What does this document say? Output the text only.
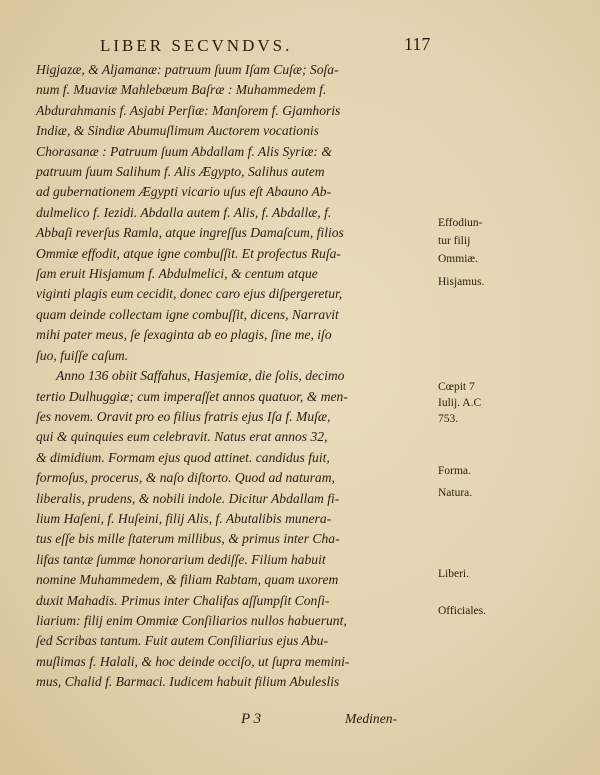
LIBER SECVNDVS.	117
Higjazæ, & Aljamanæ: patruum ſuum Iſam Cuſæ; Soſa-
num f. Muaviæ Mahlebæum Baſræ : Muhammedem f.
Abdurahmanis f. Asjabi Perſiæ: Manſorem f. Gjamhoris
Indiæ, & Sindiæ Abumuſlimum Auctorem vocationis
Chorasanæ : Patruum ſuum Abdallam f. Alis Syriæ: &
patruum ſuum Salihum f. Alis Ægypto, Salihus autem
ad gubernationem Ægypti vicario uſus eſt Abauno Ab-
dulmelico f. Iezidi. Abdalla autem f. Alis, f. Abdallæ, f.
Abbaſi reverſus Ramla, atque ingreſſus Damaſcum, filios
Ommiæ effodit, atque igne combuſſit. Et profectus Ruſa-
ſam eruit Hisjamum f. Abdulmelici, & centum atque
viginti plagis eum cecidit, donec caro ejus diſpergeretur,
quam deinde collectam igne combuſſit, dicens, Narravit
mihi pater meus, ſe ſexaginta ab eo plagis, ſine me, iſo
ſuo, fuiſſe caſum.
Anno 136 obiit Saffahus, Hasjemiæ, die ſolis, decimo
tertio Dulhuggiæ; cum imperaſſet annos quatuor, & men-
ſes novem. Oravit pro eo filius fratris ejus Iſa f. Muſæ,
qui & quinquies eum celebravit. Natus erat annos 32,
& dimidium. Formam ejus quod attinet. candidus fuit,
formoſus, procerus, & naſo diſtorto. Quod ad naturam,
liberalis, prudens, & nobili indole. Dicitur Abdallam fi-
lium Haſeni, f. Huſeini, filij Alis, f. Abutalibis munera-
tus eſſe bis mille ſtaterum millibus, & primus inter Cha-
lifas tantæ ſummæ honorarium dediſſe. Filium habuit
nomine Muhammedem, & filiam Rabtam, quam uxorem
duxit Mahadis. Primus inter Chalifas aſſumpſit Conſi-
liarium: filij enim Ommiæ Conſiliarios nullos habuerunt,
ſed Scribas tantum. Fuit autem Conſiliarius ejus Abu-
muſlimas f. Halali, & hoc deinde occiſo, ut ſupra memini-
mus, Chalid f. Barmaci. Iudicem habuit filium Abuleslis
Effodiun-
tur filij
Ommiæ.
Hisjamus.
Cœpit 7
Iulij. A.C
753.
Forma.
Natura.
Liberi.
Officiales.
P 3	Medinen-
